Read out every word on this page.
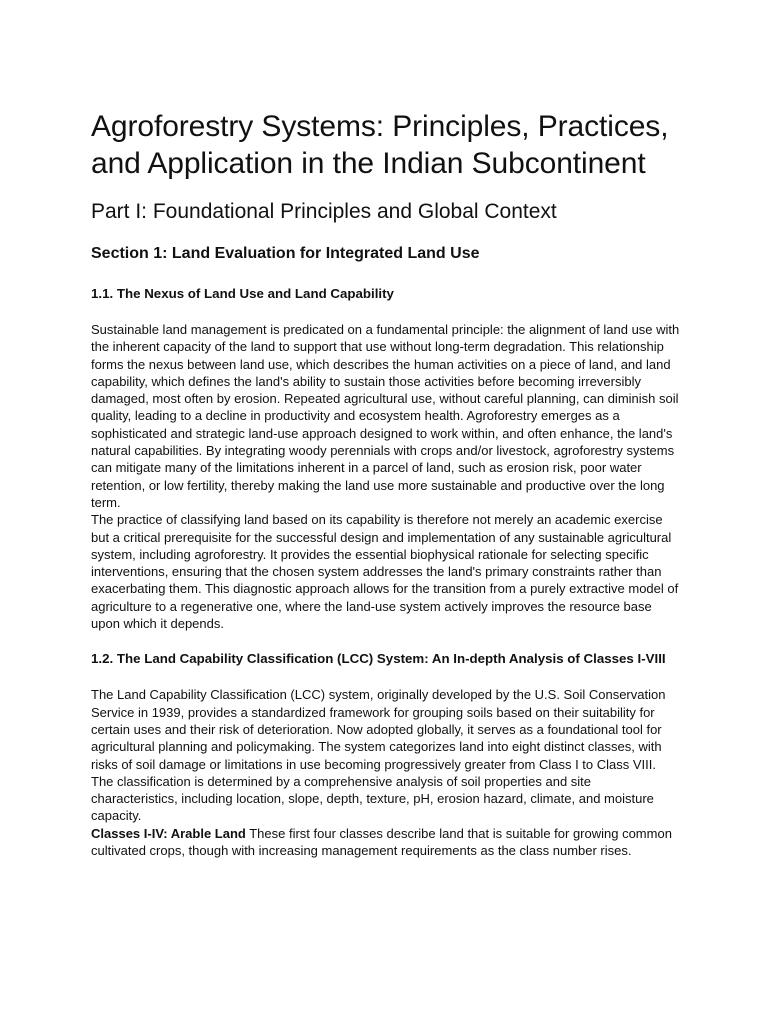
Agroforestry Systems: Principles, Practices, and Application in the Indian Subcontinent
Part I: Foundational Principles and Global Context
Section 1: Land Evaluation for Integrated Land Use
1.1. The Nexus of Land Use and Land Capability

Sustainable land management is predicated on a fundamental principle: the alignment of land use with the inherent capacity of the land to support that use without long-term degradation. This relationship forms the nexus between land use, which describes the human activities on a piece of land, and land capability, which defines the land's ability to sustain those activities before becoming irreversibly damaged, most often by erosion. Repeated agricultural use, without careful planning, can diminish soil quality, leading to a decline in productivity and ecosystem health. Agroforestry emerges as a sophisticated and strategic land-use approach designed to work within, and often enhance, the land's natural capabilities. By integrating woody perennials with crops and/or livestock, agroforestry systems can mitigate many of the limitations inherent in a parcel of land, such as erosion risk, poor water retention, or low fertility, thereby making the land use more sustainable and productive over the long term.

The practice of classifying land based on its capability is therefore not merely an academic exercise but a critical prerequisite for the successful design and implementation of any sustainable agricultural system, including agroforestry. It provides the essential biophysical rationale for selecting specific interventions, ensuring that the chosen system addresses the land's primary constraints rather than exacerbating them. This diagnostic approach allows for the transition from a purely extractive model of agriculture to a regenerative one, where the land-use system actively improves the resource base upon which it depends.

1.2. The Land Capability Classification (LCC) System: An In-depth Analysis of Classes I-VIII

The Land Capability Classification (LCC) system, originally developed by the U.S. Soil Conservation Service in 1939, provides a standardized framework for grouping soils based on their suitability for certain uses and their risk of deterioration. Now adopted globally, it serves as a foundational tool for agricultural planning and policymaking. The system categorizes land into eight distinct classes, with risks of soil damage or limitations in use becoming progressively greater from Class I to Class VIII. The classification is determined by a comprehensive analysis of soil properties and site characteristics, including location, slope, depth, texture, pH, erosion hazard, climate, and moisture capacity.

Classes I-IV: Arable Land These first four classes describe land that is suitable for growing common cultivated crops, though with increasing management requirements as the class number rises.
